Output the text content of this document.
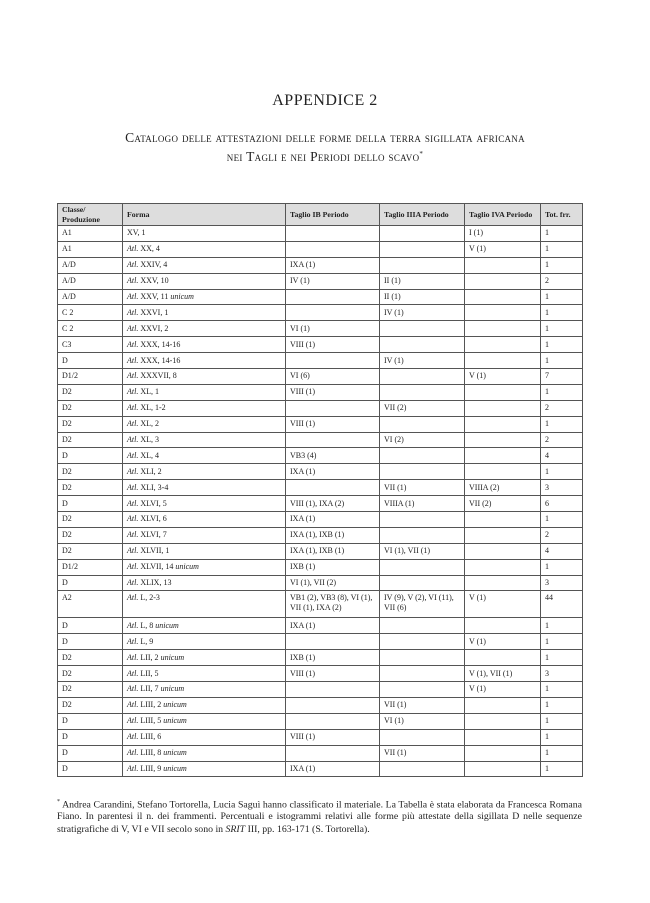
APPENDICE 2
Catalogo delle attestazioni delle forme della terra sigillata africana
nei Tagli e nei Periodi dello scavo*
Classe/ Produzione	Forma	Taglio IB Periodo	Taglio IIIA Periodo	Taglio IVA Periodo	Tot. frr.
A1	XV, 1			I (1)	1
A1	Atl. XX, 4			V (1)	1
A/D	Atl. XXIV, 4	IXA (1)			1
A/D	Atl. XXV, 10	IV (1)	II (1)		2
A/D	Atl. XXV, 11 unicum		II (1)		1
C 2	Atl. XXVI, 1		IV (1)		1
C 2	Atl. XXVI, 2	VI (1)			1
C3	Atl. XXX, 14-16	VIII (1)			1
D	Atl. XXX, 14-16		IV (1)		1
D1/2	Atl. XXXVII, 8	VI (6)		V (1)	7
D2	Atl. XL, 1	VIII (1)			1
D2	Atl. XL, 1-2		VII (2)		2
D2	Atl. XL, 2	VIII (1)			1
D2	Atl. XL, 3		VI (2)		2
D	Atl. XL, 4	VB3 (4)			4
D2	Atl. XLI, 2	IXA (1)			1
D2	Atl. XLI, 3-4		VII (1)	VIIIA (2)	3
D	Atl. XLVI, 5	VIII (1), IXA (2)	VIIIA (1)	VII (2)	6
D2	Atl. XLVI, 6	IXA (1)			1
D2	Atl. XLVI, 7	IXA (1), IXB (1)			2
D2	Atl. XLVII, 1	IXA (1), IXB (1)	VI (1), VII (1)		4
D1/2	Atl. XLVII, 14 unicum	IXB (1)			1
D	Atl. XLIX, 13	VI (1), VII (2)			3
A2	Atl. L, 2-3	VB1 (2), VB3 (8), VI (1), VII (1), IXA (2)	IV (9), V (2), VI (11), VII (6)	V (1)	44
D	Atl. L, 8 unicum	IXA (1)			1
D	Atl. L, 9			V (1)	1
D2	Atl. LII, 2 unicum	IXB (1)			1
D2	Atl. LII, 5	VIII (1)		V (1), VII (1)	3
D2	Atl. LII, 7 unicum			V (1)	1
D2	Atl. LIII, 2 unicum		VII (1)		1
D	Atl. LIII, 5 unicum		VI (1)		1
D	Atl. LIII, 6	VIII (1)			1
D	Atl. LIII, 8 unicum		VII (1)		1
D	Atl. LIII, 9 unicum	IXA (1)			1
* Andrea Carandini, Stefano Tortorella, Lucia Saguì hanno classificato il materiale. La Tabella è stata elaborata da Francesca Romana Fiano. In parentesi il n. dei frammenti. Percentuali e istogrammi relativi alle forme più attestate della sigillata D nelle sequenze stratigrafiche di V, VI e VII secolo sono in SRIT III, pp. 163-171 (S. Tortorella).
